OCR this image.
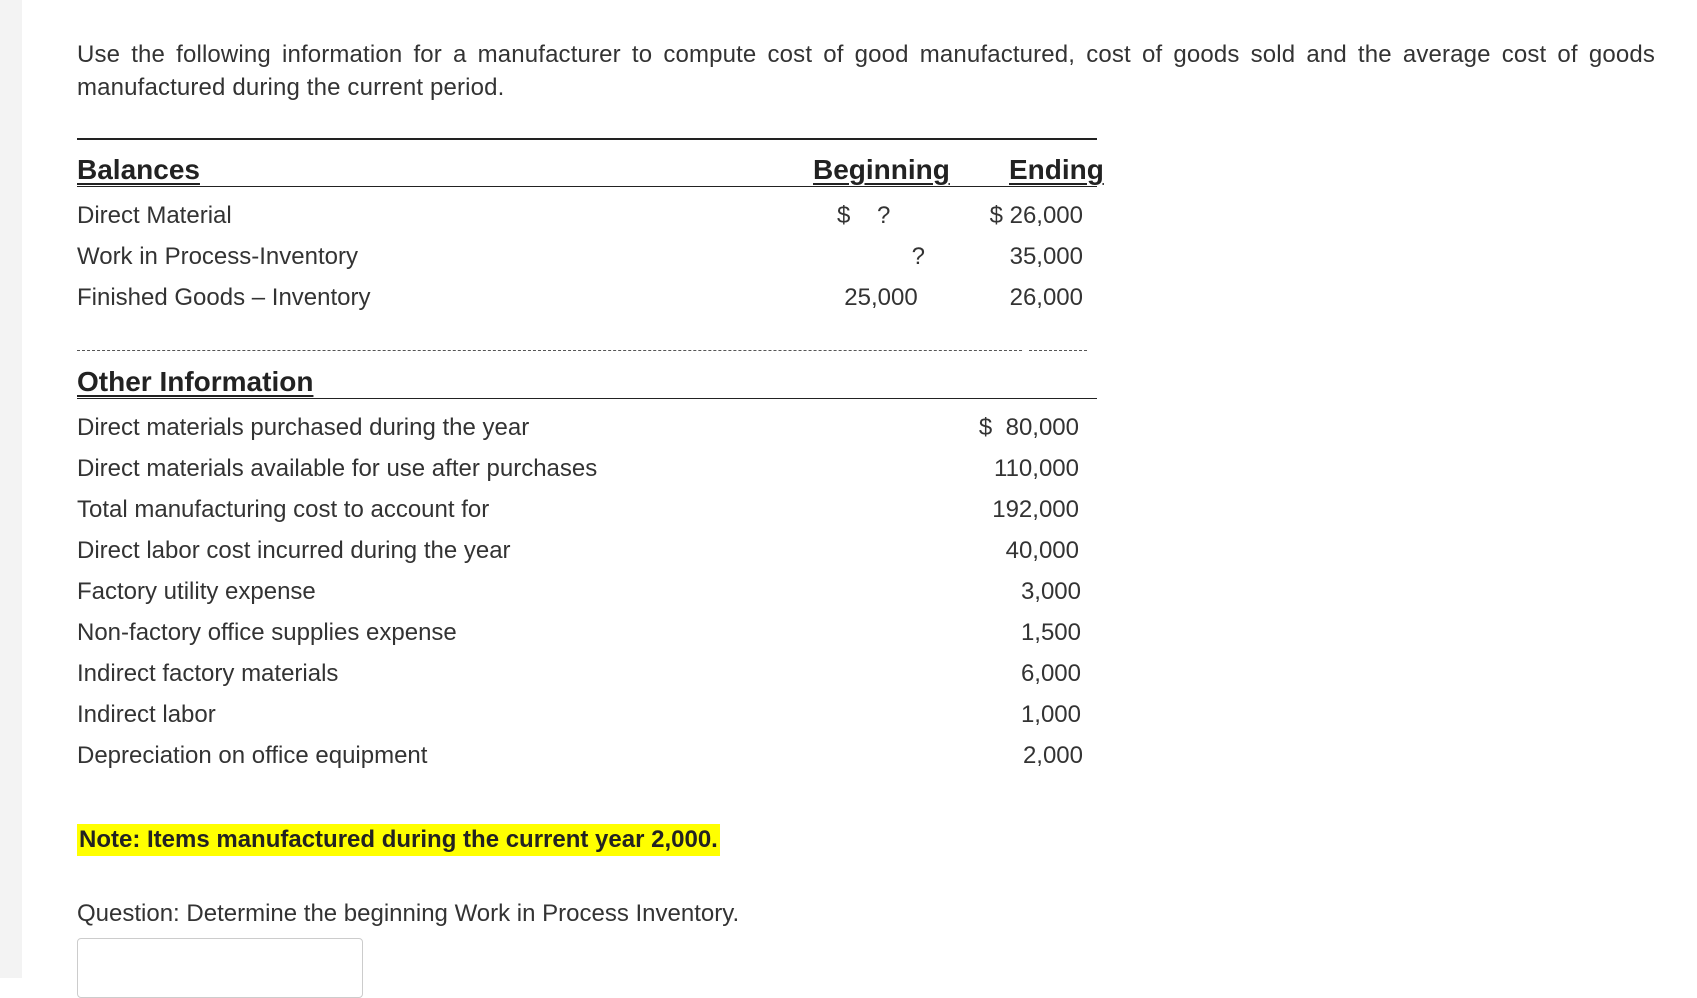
Use the following information for a manufacturer to compute cost of good manufactured, cost of goods sold and the average cost of goods manufactured during the current period.
Balances	Beginning Ending
Direct Material	$    ?	$ 26,000
Work in Process-Inventory	?	35,000
Finished Goods – Inventory	25,000	26,000
Other Information
Direct materials purchased during the year	$  80,000
Direct materials available for use after purchases	110,000
Total manufacturing cost to account for	192,000
Direct labor cost incurred during the year	40,000
Factory utility expense	3,000
Non-factory office supplies expense	1,500
Indirect factory materials	6,000
Indirect labor	1,000
Depreciation on office equipment	2,000
Note: Items manufactured during the current year 2,000.
Question: Determine the beginning Work in Process Inventory.
